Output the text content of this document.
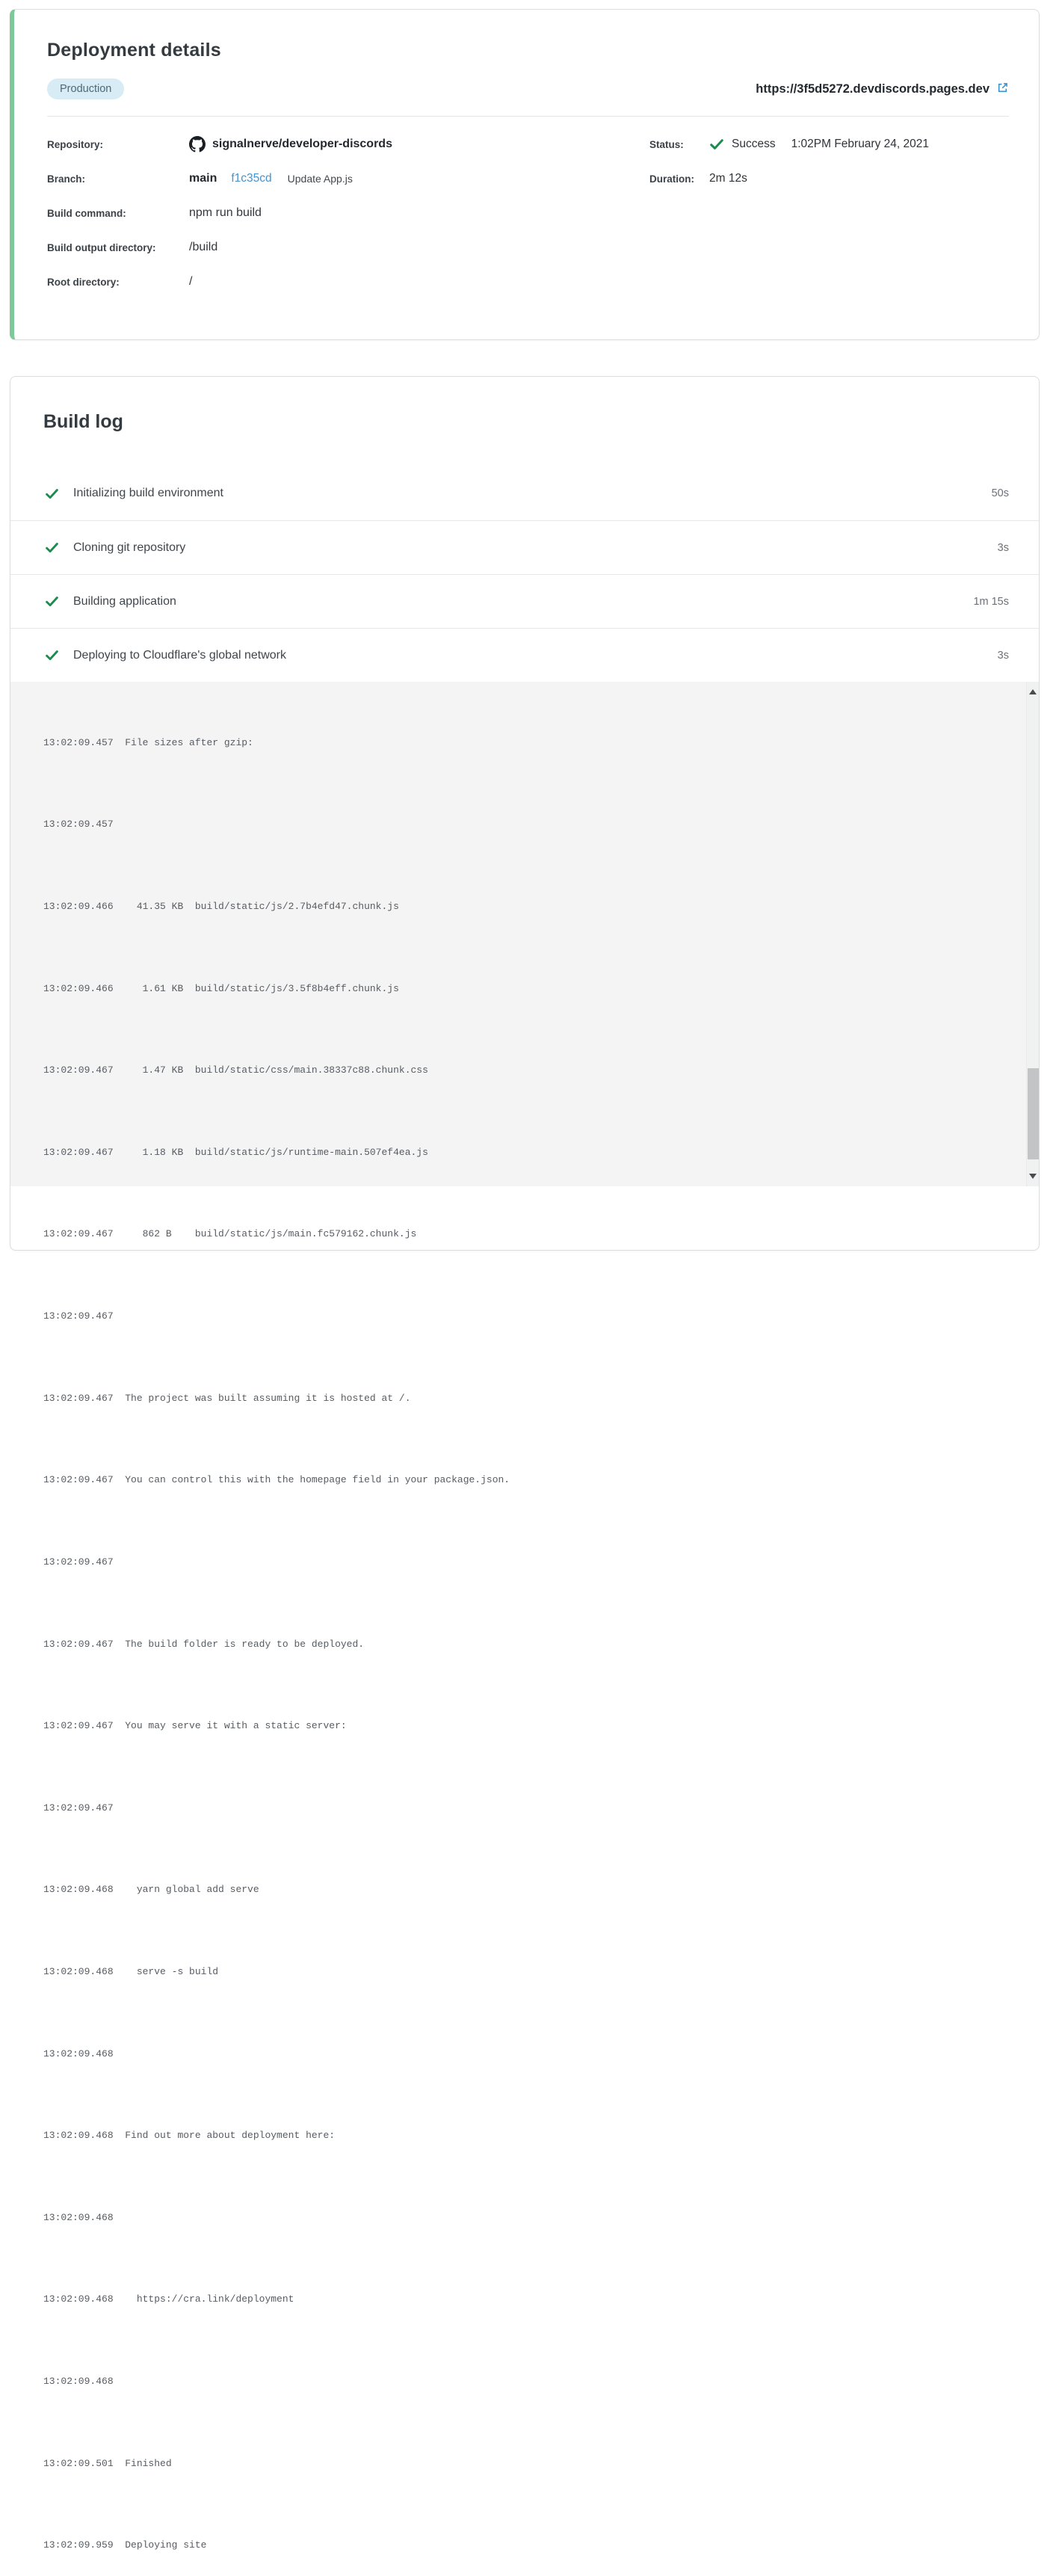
Deployment details
Production	https://3f5d5272.devdiscords.pages.dev
Repository:	signalnerve/developer-discords
Branch:	main f1c35cd Update App.js
Build command:	npm run build
Build output directory:	/build
Root directory:	/
Status:	Success 1:02PM February 24, 2021
Duration:	2m 12s
Build log
Initializing build environment	50s
Cloning git repository	3s
Building application	1m 15s
Deploying to Cloudflare's global network	3s

13:02:09.457  File sizes after gzip:

13:02:09.457

13:02:09.466    41.35 KB  build/static/js/2.7b4efd47.chunk.js

13:02:09.466     1.61 KB  build/static/js/3.5f8b4eff.chunk.js

13:02:09.467     1.47 KB  build/static/css/main.38337c88.chunk.css

13:02:09.467     1.18 KB  build/static/js/runtime-main.507ef4ea.js

13:02:09.467     862 B    build/static/js/main.fc579162.chunk.js

13:02:09.467

13:02:09.467  The project was built assuming it is hosted at /.

13:02:09.467  You can control this with the homepage field in your package.json.

13:02:09.467

13:02:09.467  The build folder is ready to be deployed.

13:02:09.467  You may serve it with a static server:

13:02:09.467

13:02:09.468    yarn global add serve

13:02:09.468    serve -s build

13:02:09.468

13:02:09.468  Find out more about deployment here:

13:02:09.468

13:02:09.468    https://cra.link/deployment

13:02:09.468

13:02:09.501  Finished

13:02:09.959  Deploying site
